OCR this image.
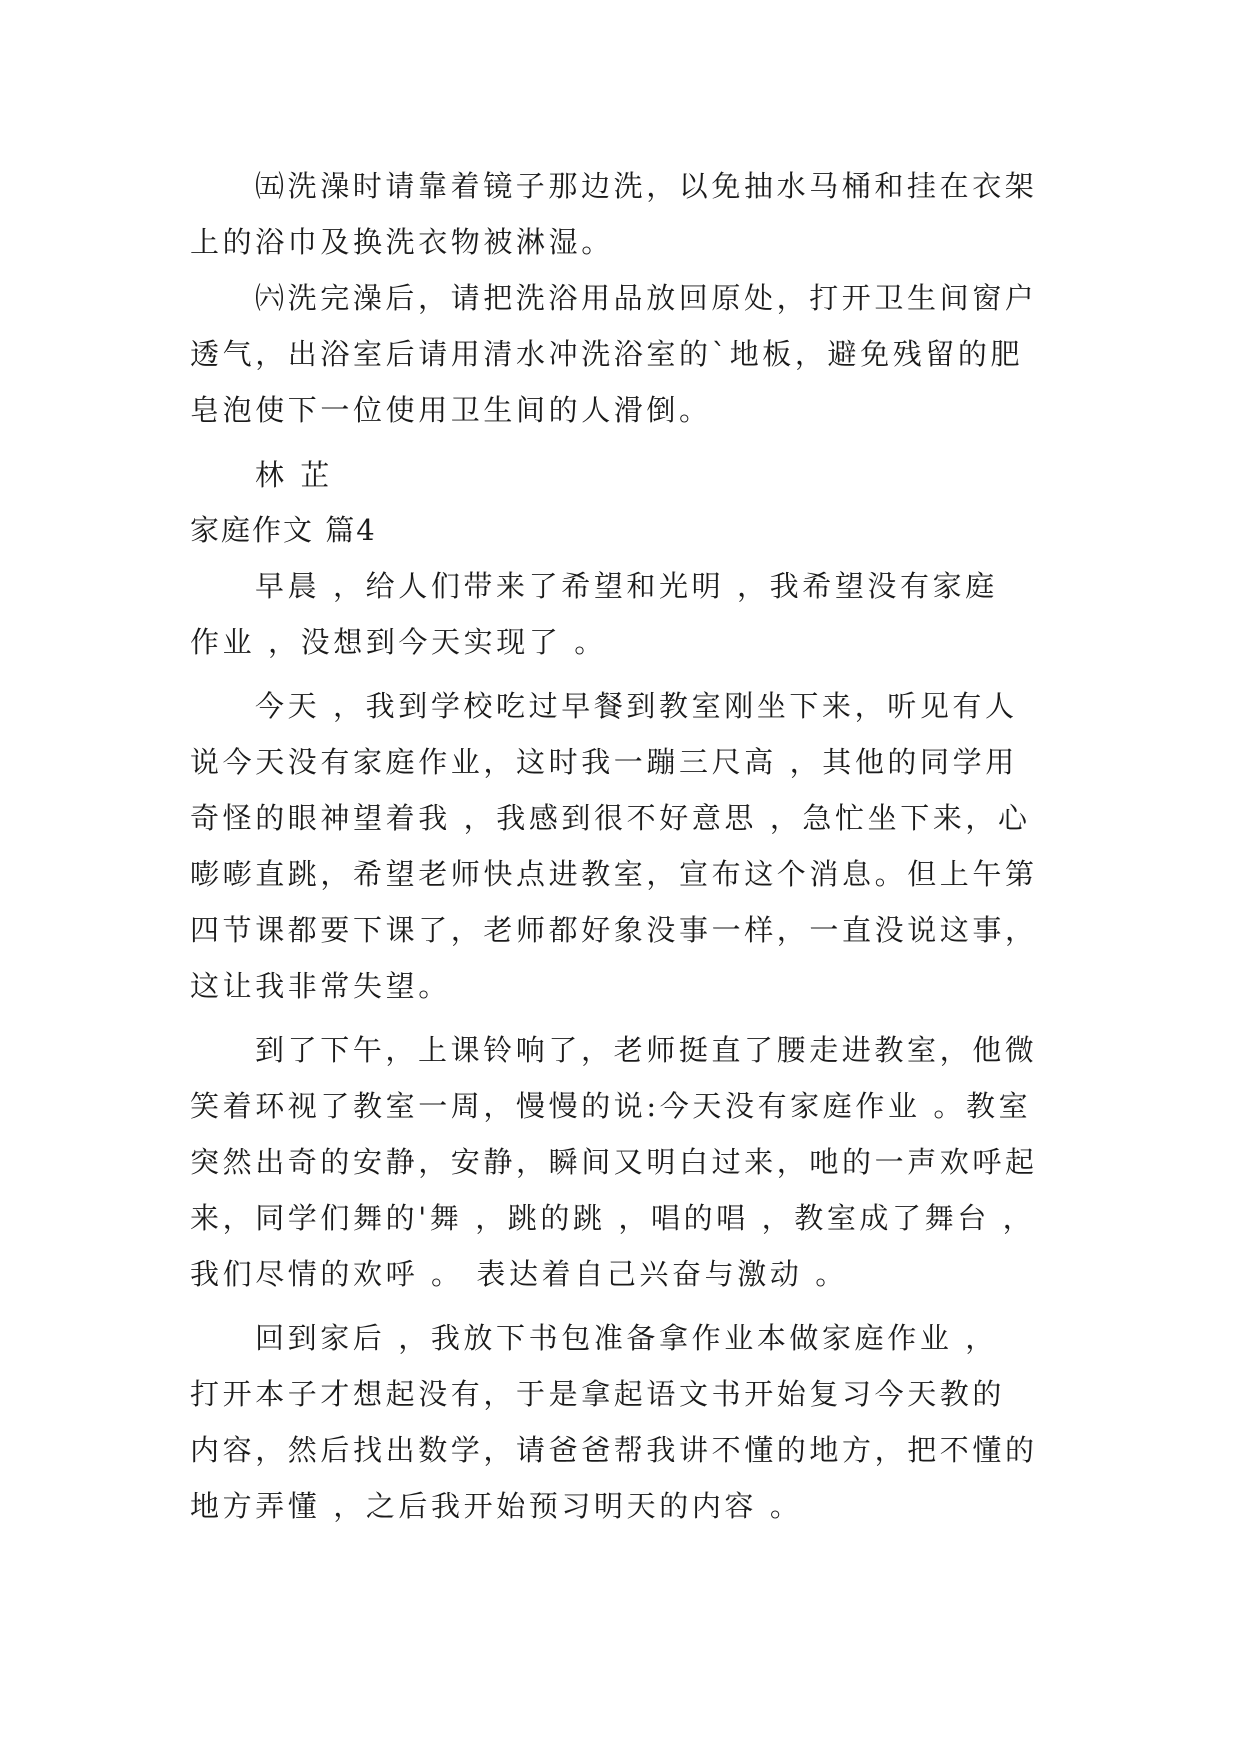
㈤洗澡时请靠着镜子那边洗，以免抽水马桶和挂在衣架
上的浴巾及换洗衣物被淋湿。
㈥洗完澡后，请把洗浴用品放回原处，打开卫生间窗户
透气，出浴室后请用清水冲洗浴室的`地板，避免残留的肥
皂泡使下一位使用卫生间的人滑倒。
林 芷
家庭作文 篇4
早晨 ，给人们带来了希望和光明 ，我希望没有家庭
作业 ，没想到今天实现了 。
今天 ，我到学校吃过早餐到教室刚坐下来，听见有人
说今天没有家庭作业，这时我一蹦三尺高 ，其他的同学用
奇怪的眼神望着我 ，我感到很不好意思 ，急忙坐下来，心
嘭嘭直跳，希望老师快点进教室，宣布这个消息。但上午第
四节课都要下课了，老师都好象没事一样，一直没说这事，
这让我非常失望。
到了下午，上课铃响了，老师挺直了腰走进教室，他微
笑着环视了教室一周，慢慢的说:今天没有家庭作业 。教室
突然出奇的安静，安静，瞬间又明白过来，吔的一声欢呼起
来，同学们舞的'舞 ，跳的跳 ，唱的唱 ，教室成了舞台 ，
我们尽情的欢呼 。 表达着自己兴奋与激动 。
回到家后 ，我放下书包准备拿作业本做家庭作业 ，
打开本子才想起没有，于是拿起语文书开始复习今天教的
内容，然后找出数学，请爸爸帮我讲不懂的地方，把不懂的
地方弄懂 ，之后我开始预习明天的内容 。
